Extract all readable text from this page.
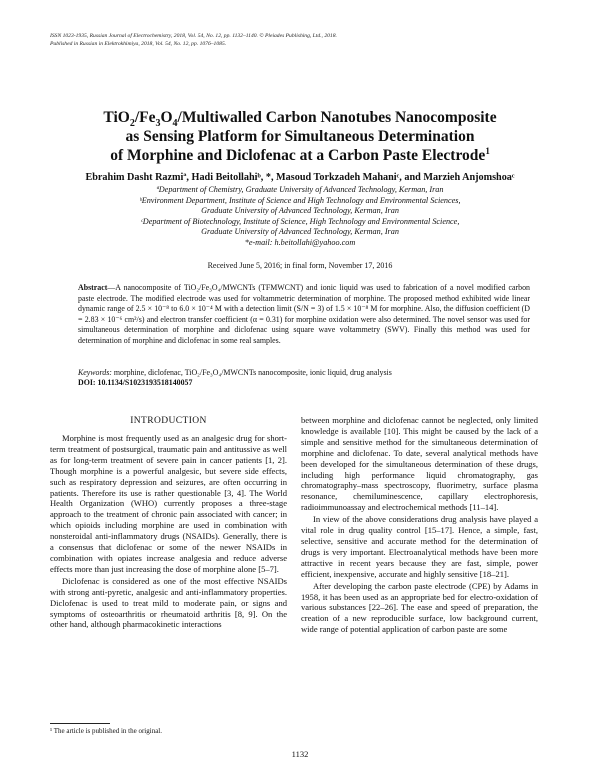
ISSN 1023-1935, Russian Journal of Electrochemistry, 2018, Vol. 54, No. 12, pp. 1132–1140. © Pleiades Publishing, Ltd., 2018.
Published in Russian in Elektrokhimiya, 2018, Vol. 54, No. 12, pp. 1076–1085.
$TiO_2/Fe_3O_4$/Multiwalled Carbon Nanotubes Nanocomposite
as Sensing Platform for Simultaneous Determination
of Morphine and Diclofenac at a Carbon Paste Electrode$^1$
Ebrahim Dasht Razmiª, Hadi Beitollahiᵇ, *, Masoud Torkzadeh Mahaniᶜ, and Marzieh Anjomshoaᶜ
ªDepartment of Chemistry, Graduate University of Advanced Technology, Kerman, Iran
ᵇEnvironment Department, Institute of Science and High Technology and Environmental Sciences,
Graduate University of Advanced Technology, Kerman, Iran
ᶜDepartment of Biotechnology, Institute of Science, High Technology and Environmental Science,
Graduate University of Advanced Technology, Kerman, Iran
*e-mail: h.beitollahi@yahoo.com
Received June 5, 2016; in final form, November 17, 2016
Abstract—A nanocomposite of TiO₂/Fe₃O₄/MWCNTs (TFMWCNT) and ionic liquid was used to fabrication of a novel modified carbon paste electrode. The modified electrode was used for voltammetric determination of morphine. The proposed method exhibited wide linear dynamic range of 2.5 × 10⁻⁸ to 6.0 × 10⁻⁴ M with a detection limit (S/N = 3) of 1.5 × 10⁻⁸ M for morphine. Also, the diffusion coefficient (D = 2.83 × 10⁻⁶ cm²/s) and electron transfer coefficient (α = 0.31) for morphine oxidation were also determined. The novel sensor was used for simultaneous determination of morphine and diclofenac using square wave voltammetry (SWV). Finally this method was used for determination of morphine and diclofenac in some real samples.
Keywords: morphine, diclofenac, TiO₂/Fe₃O₄/MWCNTs nanocomposite, ionic liquid, drug analysis
DOI: 10.1134/S1023193518140057
INTRODUCTION

Morphine is most frequently used as an analgesic drug for short-term treatment of postsurgical, traumatic pain and antitussive as well as for long-term treatment of severe pain in cancer patients [1, 2]. Though morphine is a powerful analgesic, but severe side effects, such as respiratory depression and seizures, are often occurring in patients. Therefore its use is rather questionable [3, 4]. The World Health Organization (WHO) currently proposes a three-stage approach to the treatment of chronic pain associated with cancer; in which opioids including morphine are used in combination with nonsteroidal anti-inflammatory drugs (NSAIDs). Generally, there is a consensus that diclofenac or some of the newer NSAIDs in combination with opiates increase analgesia and reduce adverse effects more than just increasing the dose of morphine alone [5–7].

Diclofenac is considered as one of the most effective NSAIDs with strong anti-pyretic, analgesic and anti-inflammatory properties. Diclofenac is used to treat mild to moderate pain, or signs and symptoms of osteoarthritis or rheumatoid arthritis [8, 9]. On the other hand, although pharmacokinetic interactions

between morphine and diclofenac cannot be neglected, only limited knowledge is available [10]. This might be caused by the lack of a simple and sensitive method for the simultaneous determination of morphine and diclofenac. To date, several analytical methods have been developed for the simultaneous determination of these drugs, including high performance liquid chromatography, gas chromatography–mass spectroscopy, fluorimetry, surface plasma resonance, chemiluminescence, capillary electrophoresis, radioimmunoassay and electrochemical methods [11–14].

In view of the above considerations drug analysis have played a vital role in drug quality control [15–17]. Hence, a simple, fast, selective, sensitive and accurate method for the determination of drugs is very important. Electroanalytical methods have been more attractive in recent years because they are fast, simple, power efficient, inexpensive, accurate and highly sensitive [18–21].

After developing the carbon paste electrode (CPE) by Adams in 1958, it has been used as an appropriate bed for electro-oxidation of various substances [22–26]. The ease and speed of preparation, the creation of a new reproducible surface, low background current, wide range of potential application of carbon paste are some

¹ The article is published in the original.
1132
